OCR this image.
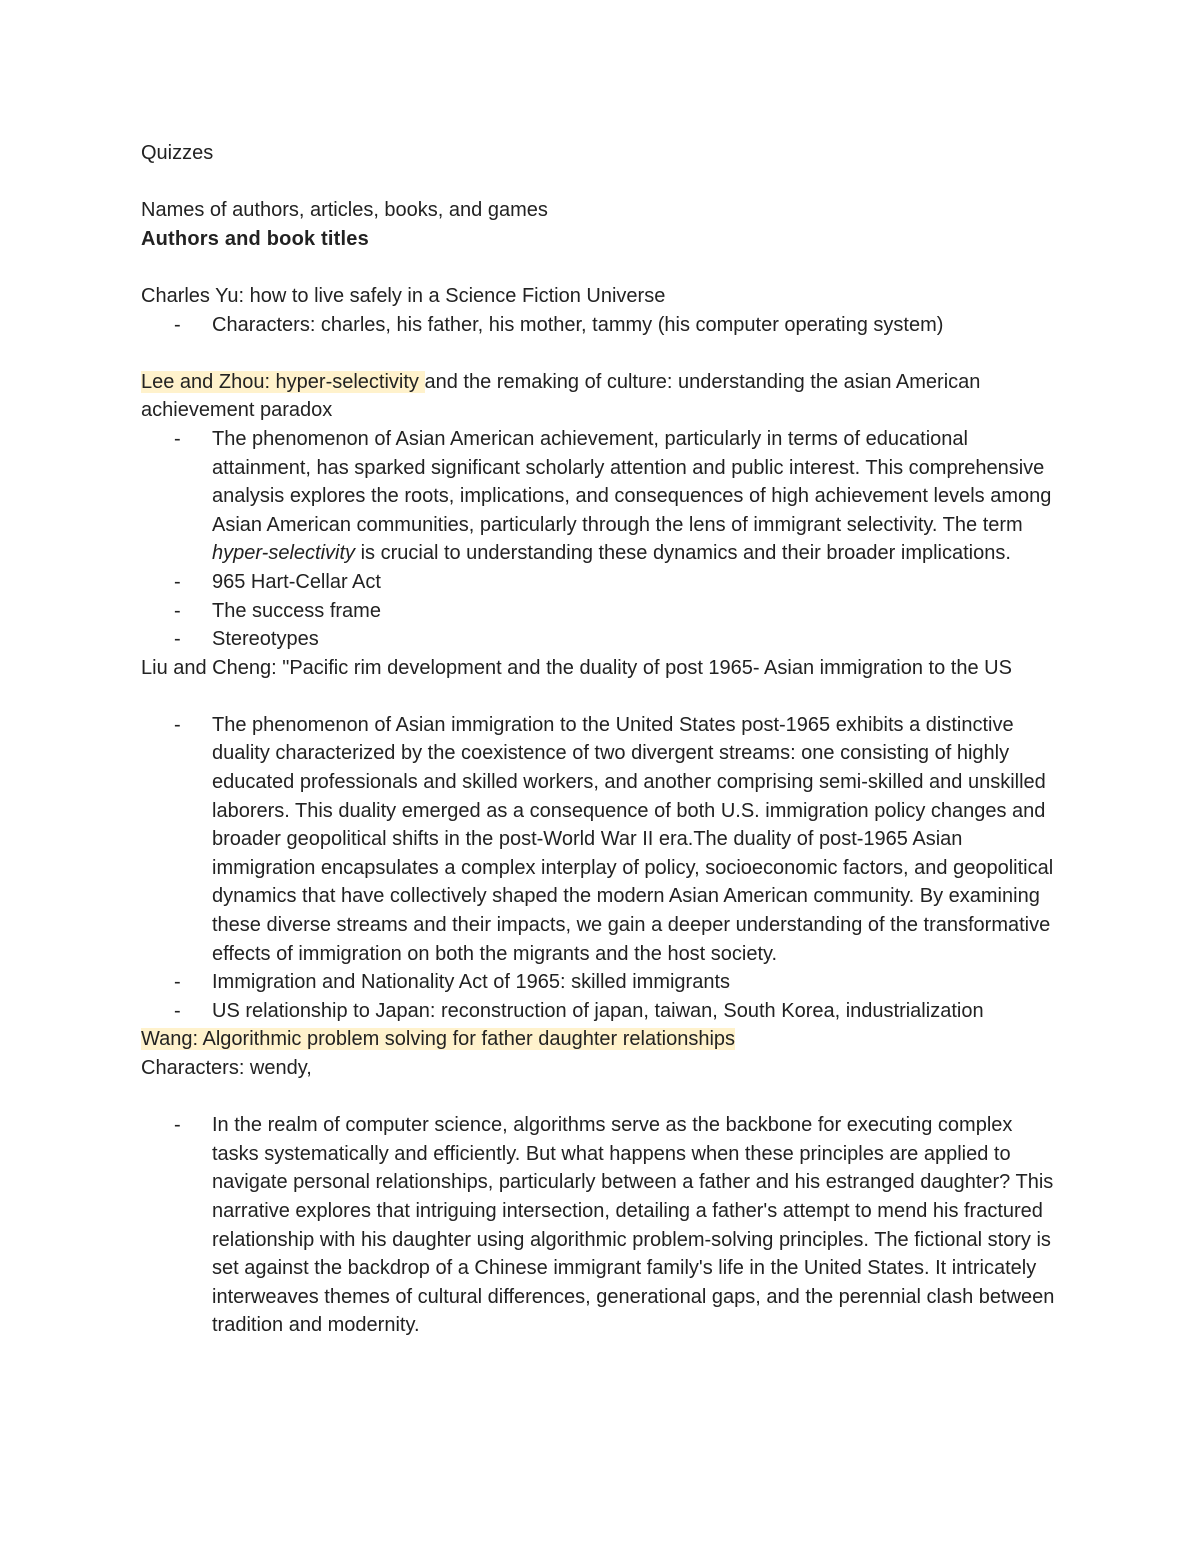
Quizzes

Names of authors, articles, books, and games

Authors and book titles

Charles Yu: how to live safely in a Science Fiction Universe

- Characters: charles, his father, his mother, tammy (his computer operating system)

Lee and Zhou: hyper-selectivity and the remaking of culture: understanding the asian American achievement paradox

- The phenomenon of Asian American achievement, particularly in terms of educational attainment, has sparked significant scholarly attention and public interest. This comprehensive analysis explores the roots, implications, and consequences of high achievement levels among Asian American communities, particularly through the lens of immigrant selectivity. The term hyper-selectivity is crucial to understanding these dynamics and their broader implications.
- 965 Hart-Cellar Act
- The success frame
- Stereotypes

Liu and Cheng: "Pacific rim development and the duality of post 1965- Asian immigration to the US

- The phenomenon of Asian immigration to the United States post-1965 exhibits a distinctive duality characterized by the coexistence of two divergent streams: one consisting of highly educated professionals and skilled workers, and another comprising semi-skilled and unskilled laborers. This duality emerged as a consequence of both U.S. immigration policy changes and broader geopolitical shifts in the post-World War II era.The duality of post-1965 Asian immigration encapsulates a complex interplay of policy, socioeconomic factors, and geopolitical dynamics that have collectively shaped the modern Asian American community. By examining these diverse streams and their impacts, we gain a deeper understanding of the transformative effects of immigration on both the migrants and the host society.
- Immigration and Nationality Act of 1965: skilled immigrants
- US relationship to Japan: reconstruction of japan, taiwan, South Korea, industrialization

Wang: Algorithmic problem solving for father daughter relationships

Characters: wendy,

- In the realm of computer science, algorithms serve as the backbone for executing complex tasks systematically and efficiently. But what happens when these principles are applied to navigate personal relationships, particularly between a father and his estranged daughter? This narrative explores that intriguing intersection, detailing a father's attempt to mend his fractured relationship with his daughter using algorithmic problem-solving principles. The fictional story is set against the backdrop of a Chinese immigrant family's life in the United States. It intricately interweaves themes of cultural differences, generational gaps, and the perennial clash between tradition and modernity.
